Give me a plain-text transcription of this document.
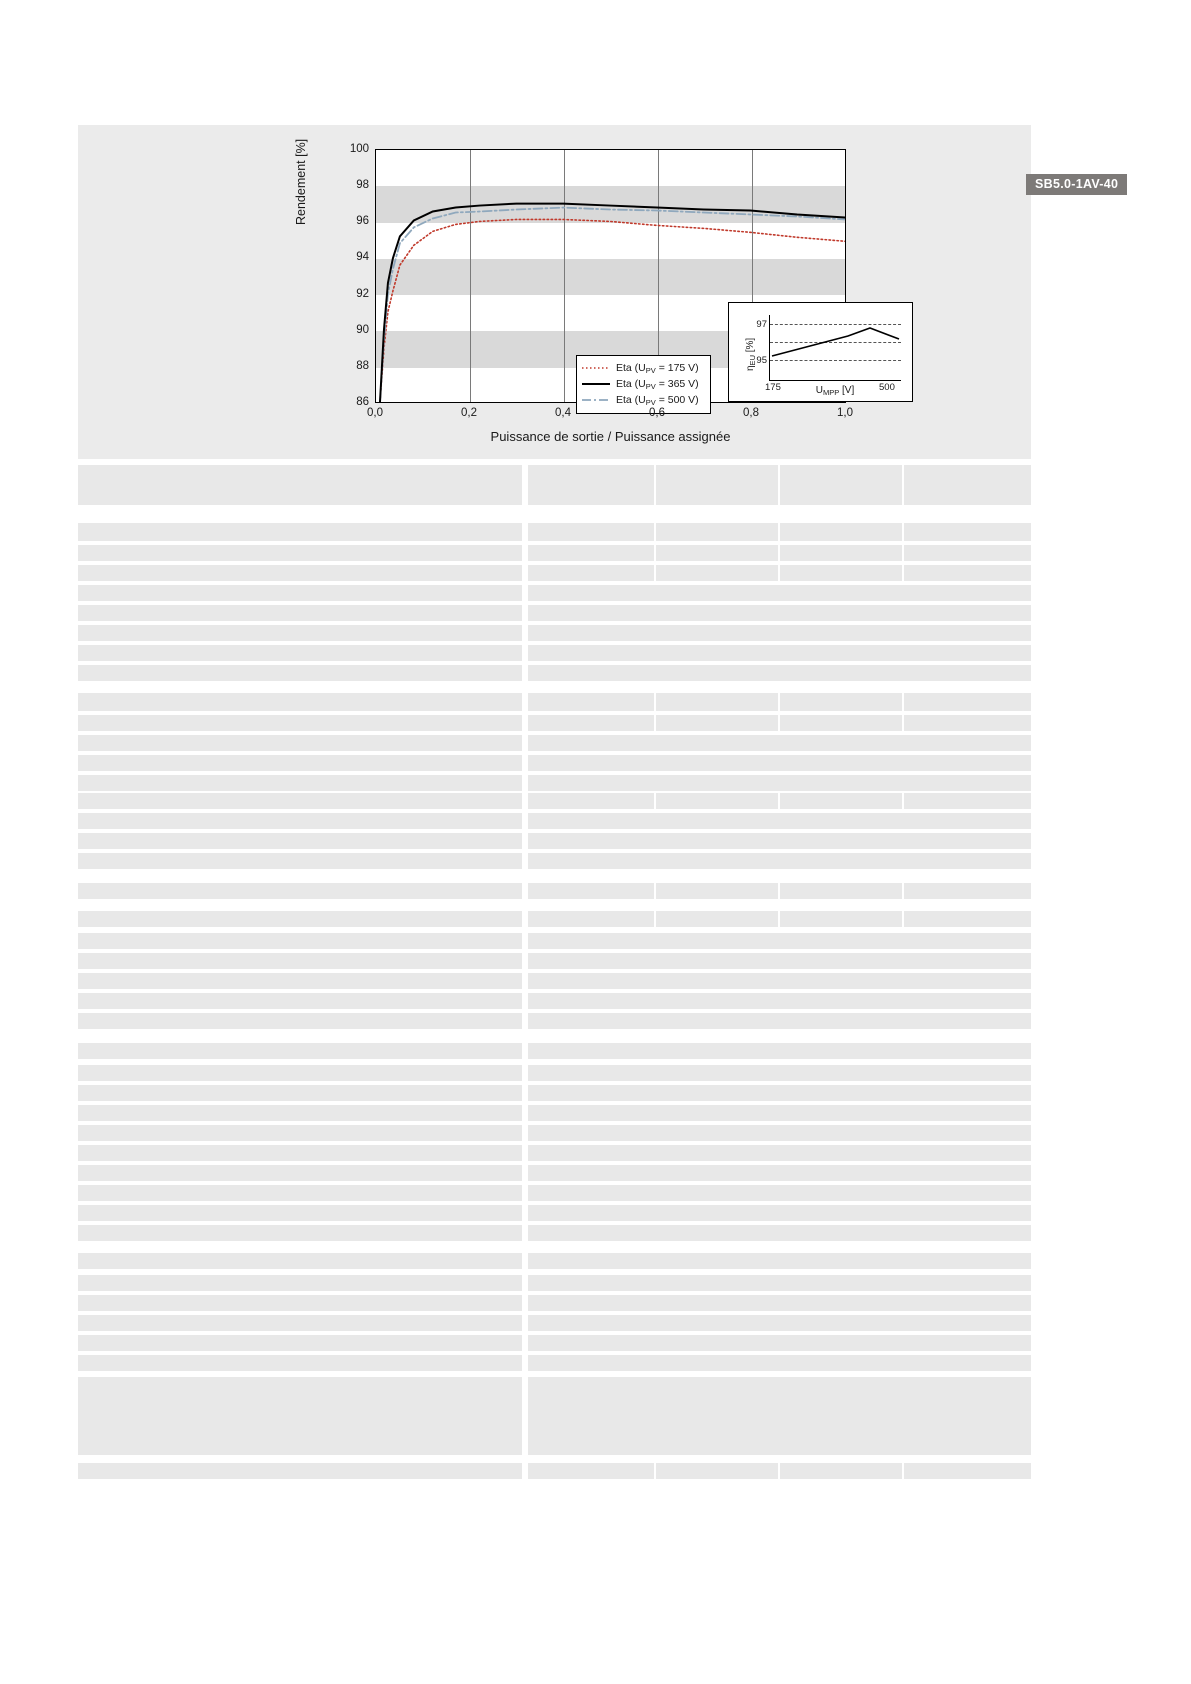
Rendement [%]	100
98
96
94
92
90
88
86
SB5.0-1AV-40
Eta ($U_{PV} = 175$ V)
Eta ($U_{PV} = 365$ V)
Eta ($U_{PV} = 500$ V)
$\eta_{EU}$ [%]
97
95
175	500
$U_{MPP}$ [V]
0,0	0,2	0,4	0,6	0,8	1,0
Puissance de sortie / Puissance assignée
